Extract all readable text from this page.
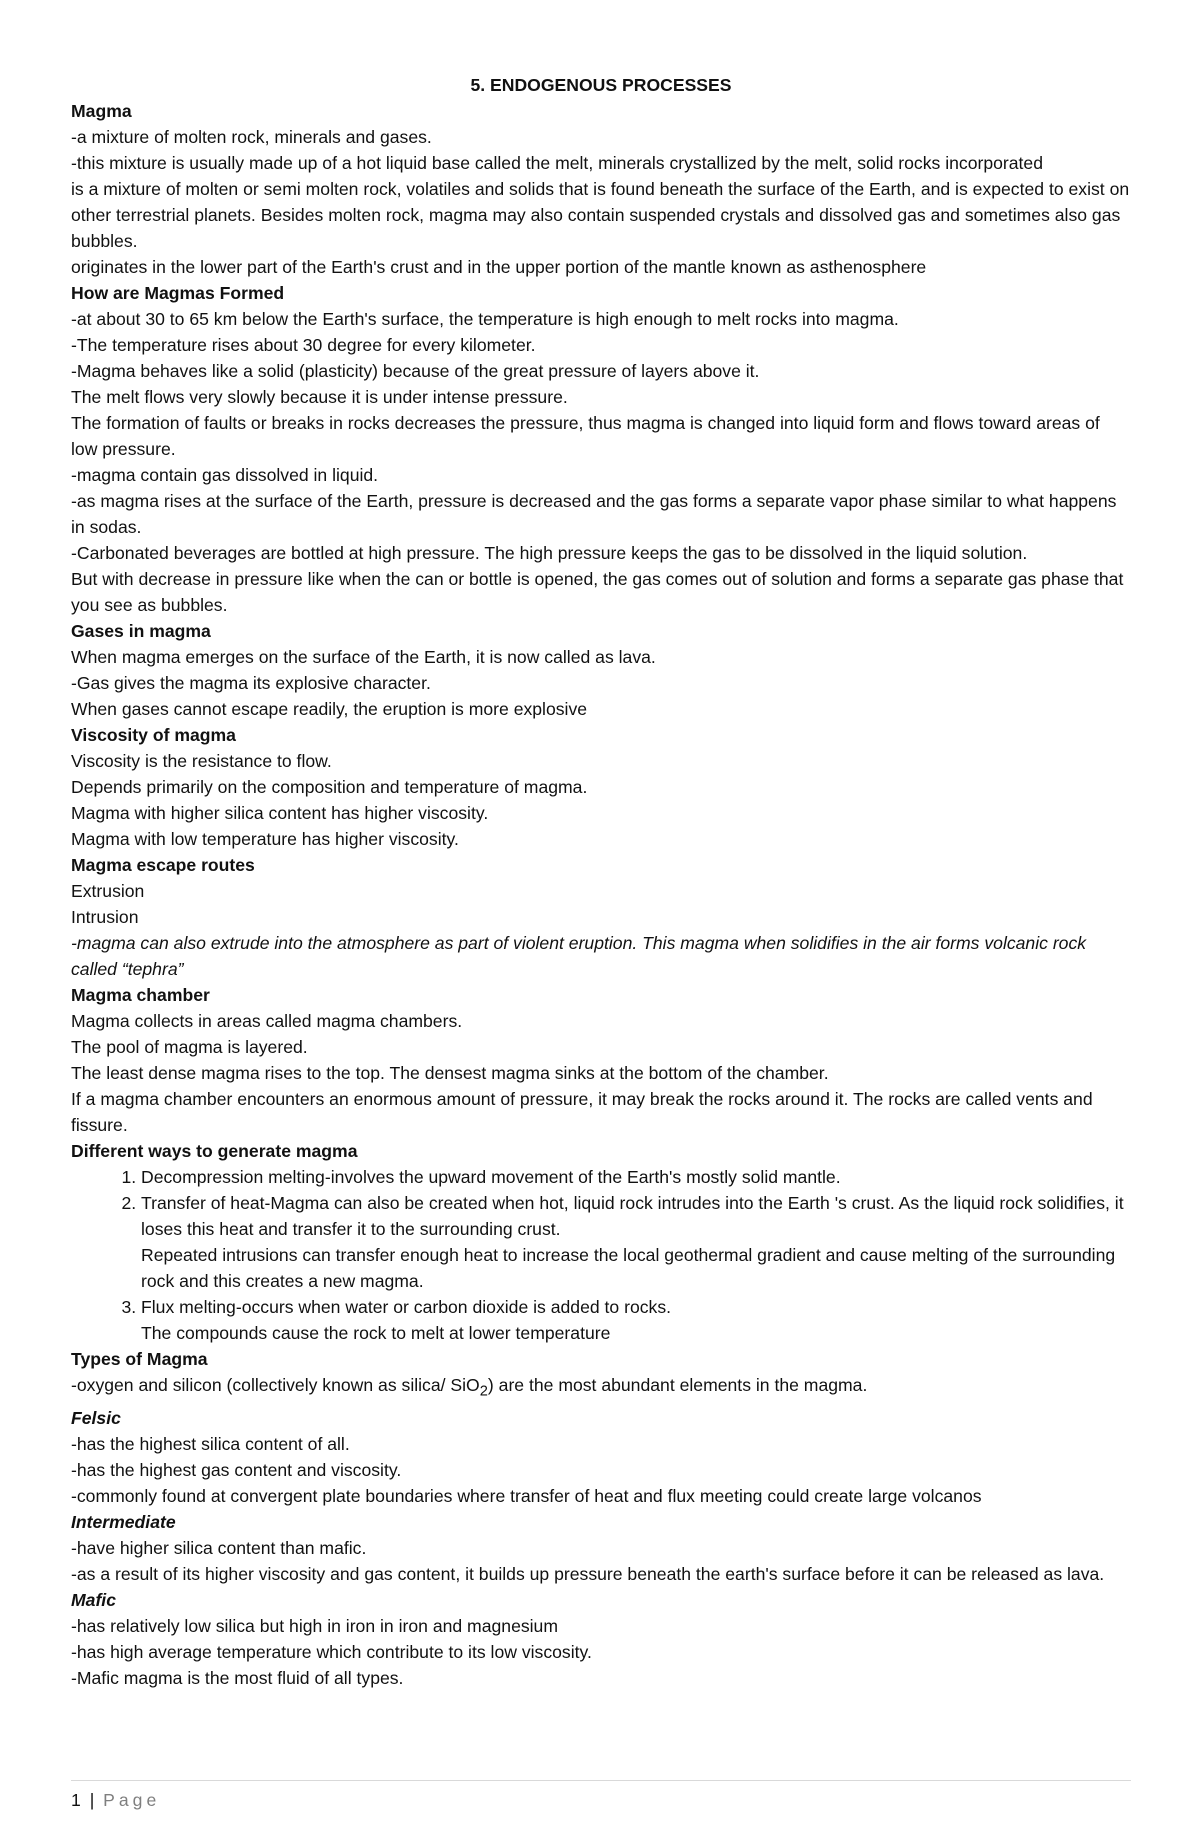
5. ENDOGENOUS PROCESSES

Magma

-a mixture of molten rock, minerals and gases.

-this mixture is usually made up of a hot liquid base called the melt, minerals crystallized by the melt, solid rocks incorporated

is a mixture of molten or semi molten rock, volatiles and solids that is found beneath the surface of the Earth, and is expected to exist on other terrestrial planets. Besides molten rock, magma may also contain suspended crystals and dissolved gas and sometimes also gas bubbles.

originates in the lower part of the Earth's crust and in the upper portion of the mantle known as asthenosphere

How are Magmas Formed

-at about 30 to 65 km below the Earth's surface, the temperature is high enough to melt rocks into magma.

-The temperature rises about 30 degree for every kilometer.

-Magma behaves like a solid (plasticity) because of the great pressure of layers above it.

The melt flows very slowly because it is under intense pressure.

The formation of faults or breaks in rocks decreases the pressure, thus magma is changed into liquid form and flows toward areas of low pressure.

-magma contain gas dissolved in liquid.

-as magma rises at the surface of the Earth, pressure is decreased and the gas forms a separate vapor phase similar to what happens in sodas.

-Carbonated beverages are bottled at high pressure. The high pressure keeps the gas to be dissolved in the liquid solution.

But with decrease in pressure like when the can or bottle is opened, the gas comes out of solution and forms a separate gas phase that you see as bubbles.

Gases in magma

When magma emerges on the surface of the Earth, it is now called as lava.

-Gas gives the magma its explosive character.

When gases cannot escape readily, the eruption is more explosive

Viscosity of magma

Viscosity is the resistance to flow.

Depends primarily on the composition and temperature of magma.

Magma with higher silica content has higher viscosity.

Magma with low temperature has higher viscosity.

Magma escape routes

Extrusion

Intrusion

-magma can also extrude into the atmosphere as part of violent eruption. This magma when solidifies in the air forms volcanic rock called “tephra”

Magma chamber

Magma collects in areas called magma chambers.

The pool of magma is layered.

The least dense magma rises to the top. The densest magma sinks at the bottom of the chamber.

If a magma chamber encounters an enormous amount of pressure, it may break the rocks around it. The rocks are called vents and fissure.

Different ways to generate magma

1. Decompression melting-involves the upward movement of the Earth's mostly solid mantle.
2. Transfer of heat-Magma can also be created when hot, liquid rock intrudes into the Earth 's crust. As the liquid rock solidifies, it loses this heat and transfer it to the surrounding crust.
Repeated intrusions can transfer enough heat to increase the local geothermal gradient and cause melting of the surrounding rock and this creates a new magma.
3. Flux melting-occurs when water or carbon dioxide is added to rocks.
The compounds cause the rock to melt at lower temperature

Types of Magma

-oxygen and silicon (collectively known as silica/ SiO$_2$) are the most abundant elements in the magma.

Felsic

-has the highest silica content of all.

-has the highest gas content and viscosity.

-commonly found at convergent plate boundaries where transfer of heat and flux meeting could create large volcanos

Intermediate

-have higher silica content than mafic.

-as a result of its higher viscosity and gas content, it builds up pressure beneath the earth's surface before it can be released as lava.

Mafic

-has relatively low silica but high in iron in iron and magnesium

-has high average temperature which contribute to its low viscosity.

-Mafic magma is the most fluid of all types.

1 | Page
